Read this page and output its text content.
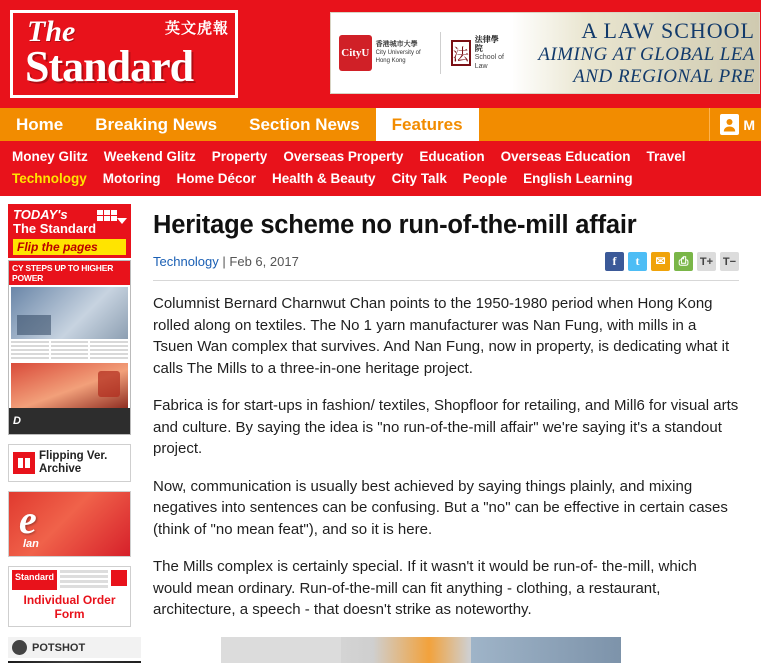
英文虎報
The
Standard	CityU
香港城市大學
City University of Hong Kong	法
法律學院
School of Law
A LAW SCHOOL
AIMING AT GLOBAL LEA
AND REGIONAL PRE
Home	Breaking News	Section News	Features	M
Money Glitz Weekend Glitz Property Overseas Property Education Overseas Education Travel
Technology Motoring Home Décor Health & Beauty City Talk People English Learning
TODAY's
The Standard
Flip the pages
CY STEPS UP TO HIGHER POWER
D
Flipping Ver.
Archive
e
lan
Standard
Individual Order
Form
POTSHOT
Heritage scheme no run-of-the-mill affair
Technology | Feb 6, 2017	f	t	✉	⎙	T+ T−

Columnist Bernard Charnwut Chan points to the 1950-1980 period when Hong Kong rolled along on textiles. The No 1 yarn manufacturer was Nan Fung, with mills in a Tsuen Wan complex that survives. And Nan Fung, now in property, is dedicating what it calls The Mills to a three-in-one heritage project.

Fabrica is for start-ups in fashion/ textiles, Shopfloor for retailing, and Mill6 for visual arts and culture. By saying the idea is "no run-of-the-mill affair" we're saying it's a standout project.

Now, communication is usually best achieved by saying things plainly, and mixing negatives into sentences can be confusing. But a "no" can be effective in certain cases (think of "no mean feat"), and so it is here.

The Mills complex is certainly special. If it wasn't it would be run-of- the-mill, which would mean ordinary. Run-of-the-mill can fit anything - clothing, a restaurant, architecture, a speech - that doesn't strike as noteworthy.
